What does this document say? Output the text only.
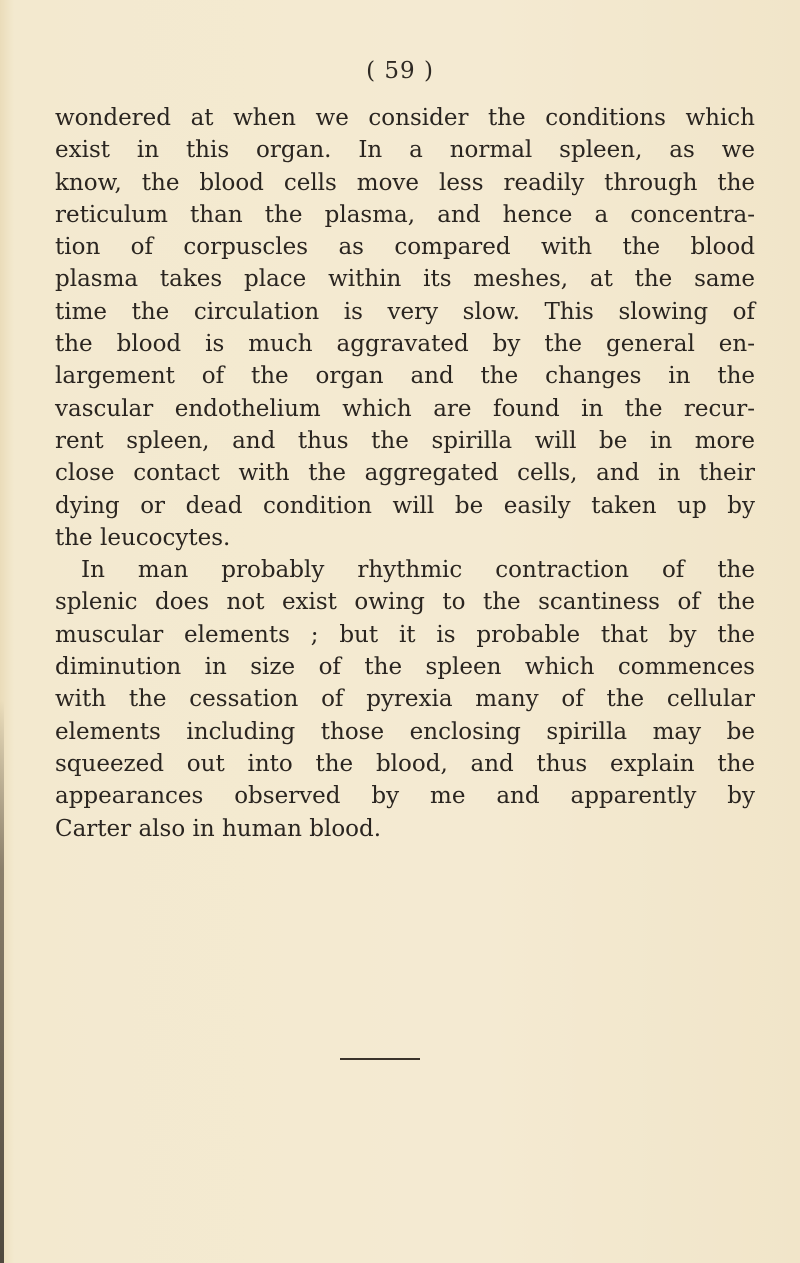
( 59 )
wondered at when we consider the conditions which
exist in this organ. In a normal spleen, as we
know, the blood cells move less readily through the
reticulum than the plasma, and hence a concentra-
tion of corpuscles as compared with the blood
plasma takes place within its meshes, at the same
time the circulation is very slow. This slowing of
the blood is much aggravated by the general en-
largement of the organ and the changes in the
vascular endothelium which are found in the recur-
rent spleen, and thus the spirilla will be in more
close contact with the aggregated cells, and in their
dying or dead condition will be easily taken up by
the leucocytes.
In man probably rhythmic contraction of the
splenic does not exist owing to the scantiness of the
muscular elements ; but it is probable that by the
diminution in size of the spleen which commences
with the cessation of pyrexia many of the cellular
elements including those enclosing spirilla may be
squeezed out into the blood, and thus explain the
appearances observed by me and apparently by
Carter also in human blood.
